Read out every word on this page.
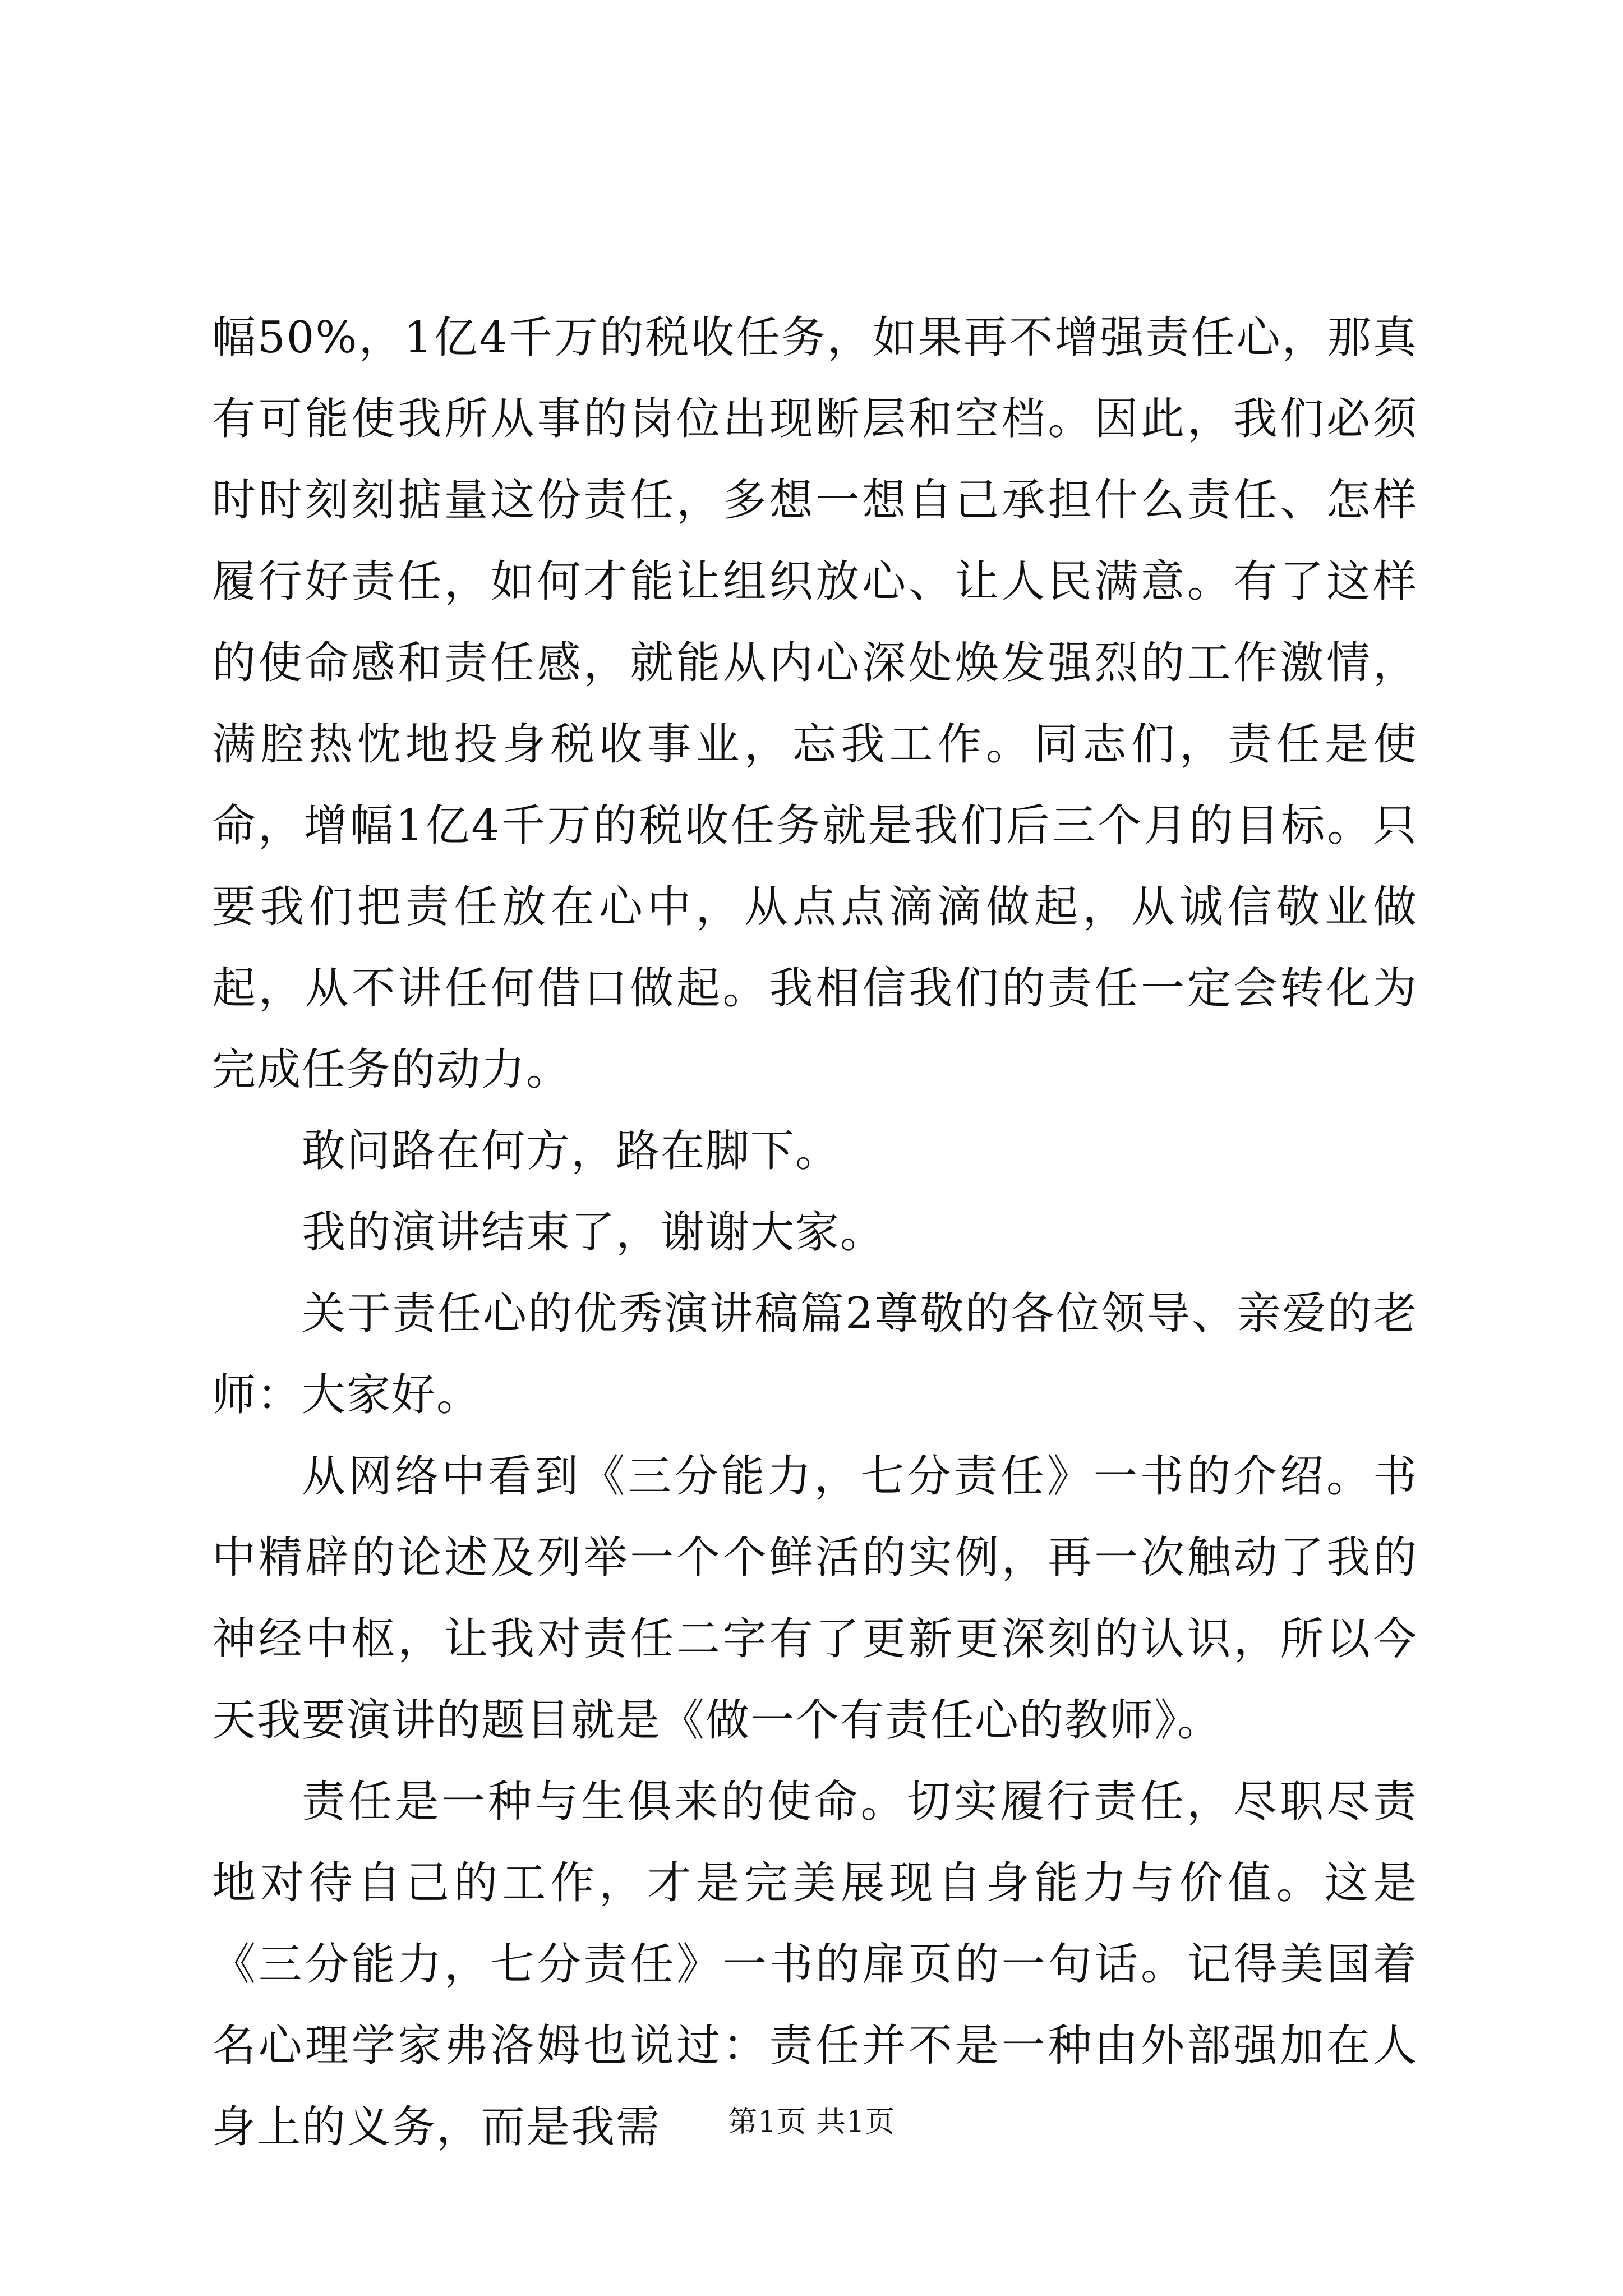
幅50%，1亿4千万的税收任务，如果再不增强责任心，那真有可能使我所从事的岗位出现断层和空档。因此，我们必须时时刻刻掂量这份责任，多想一想自己承担什么责任、怎样履行好责任，如何才能让组织放心、让人民满意。有了这样的使命感和责任感，就能从内心深处焕发强烈的工作激情，满腔热忱地投身税收事业，忘我工作。同志们，责任是使命，增幅1亿4千万的税收任务就是我们后三个月的目标。只要我们把责任放在心中，从点点滴滴做起，从诚信敬业做起，从不讲任何借口做起。我相信我们的责任一定会转化为完成任务的动力。

敢问路在何方，路在脚下。

我的演讲结束了，谢谢大家。

关于责任心的优秀演讲稿篇2尊敬的各位领导、亲爱的老师：大家好。

从网络中看到《三分能力，七分责任》一书的介绍。书中精辟的论述及列举一个个鲜活的实例，再一次触动了我的神经中枢，让我对责任二字有了更新更深刻的认识，所以今天我要演讲的题目就是《做一个有责任心的教师》。

责任是一种与生俱来的使命。切实履行责任，尽职尽责地对待自己的工作，才是完美展现自身能力与价值。这是《三分能力，七分责任》一书的扉页的一句话。记得美国着名心理学家弗洛姆也说过：责任并不是一种由外部强加在人身上的义务，而是我需	第1页 共1页
